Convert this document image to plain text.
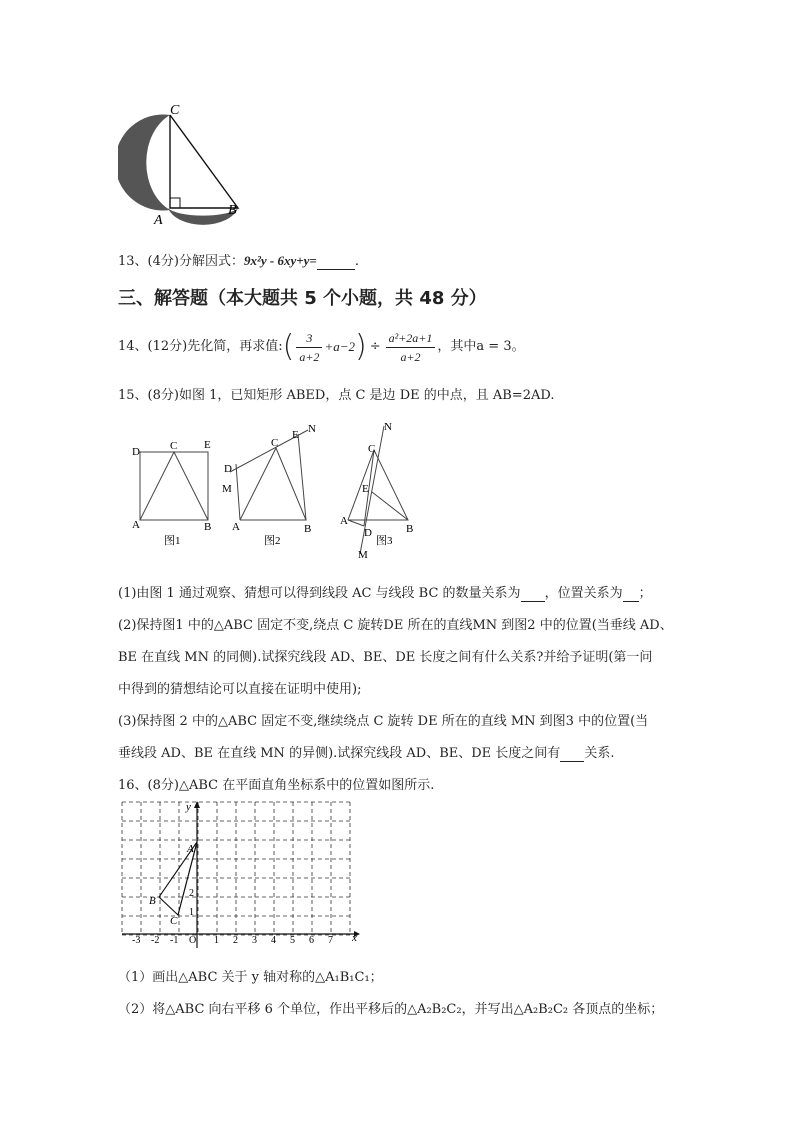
C
A
B
13、(4分)分解因式：9x²y - 6xy+y=	.
三、解答题（本大题共 5 个小题，共 48 分）
14、(12分)先化简，再求值:( $\frac{3}{a+2} +a-2) \div \frac{\text{a²+2a+1}}{a+2}$ ，其中a = 3。
15、(8分)如图 1，已知矩形 ABED，点 C 是边 DE 的中点，且 AB=2AD.
D	C E
A	B
图1
D
C
E N
M
A	B
图2
N
C
E
A
D	B
M
图3
(1)由图 1 通过观察、猜想可以得到线段 AC 与线段 BC 的数量关系为 ，位置关系为 ；
(2)保持图1 中的△ABC 固定不变,绕点 C 旋转DE 所在的直线MN 到图2 中的位置(当垂线 AD、
BE 在直线 MN 的同侧).试探究线段 AD、BE、DE 长度之间有什么关系?并给予证明(第一问
中得到的猜想结论可以直接在证明中使用);
(3)保持图 2 中的△ABC 固定不变,继续绕点 C 旋转 DE 所在的直线 MN 到图3 中的位置(当
垂线段 AD、BE 在直线 MN 的异侧).试探究线段 AD、BE、DE 长度之间有 关系.
16、(8分)△ABC 在平面直角坐标系中的位置如图所示.
x
y
O
-3 -2 -1	1 2 3 4 5 6 7
1
2
A
B
C
（1）画出△ABC 关于 y 轴对称的△A₁B₁C₁；
（2）将△ABC 向右平移 6 个单位，作出平移后的△A₂B₂C₂，并写出△A₂B₂C₂ 各顶点的坐标；
